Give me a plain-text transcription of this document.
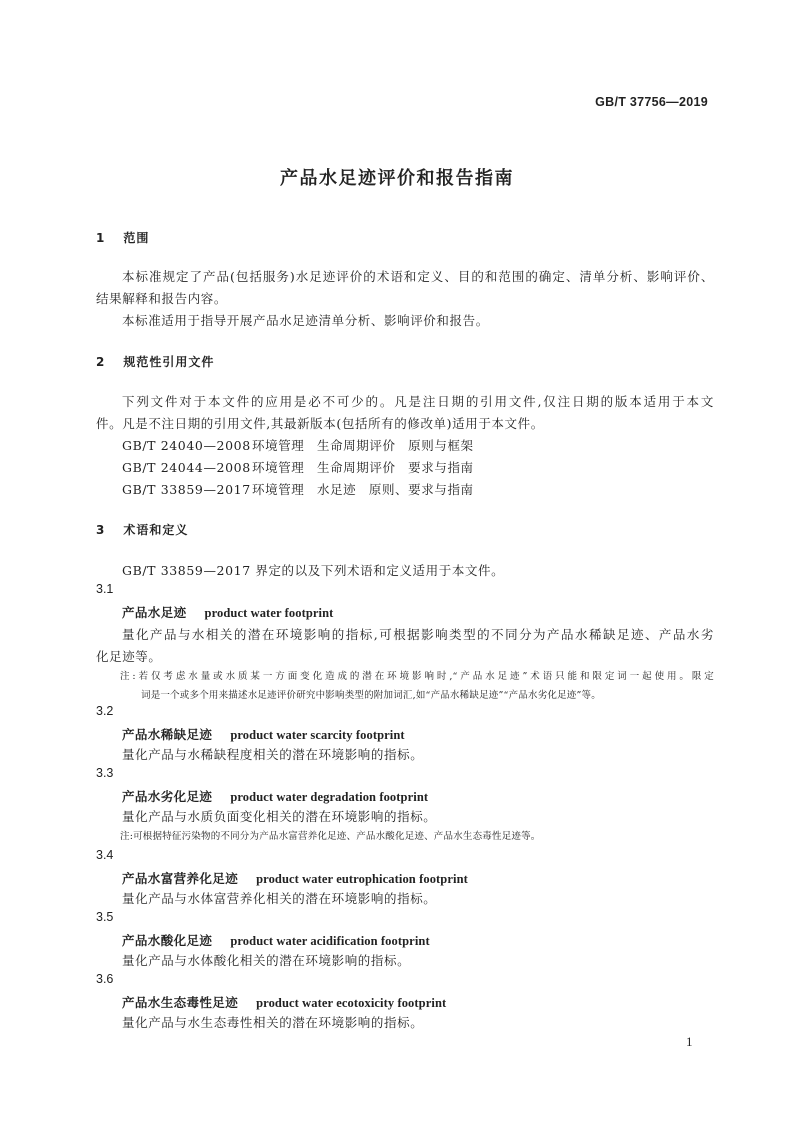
GB/T 37756—2019
产品水足迹评价和报告指南
1 范围
本标准规定了产品(包括服务)水足迹评价的术语和定义、目的和范围的确定、清单分析、影响评价、
结果解释和报告内容。
本标准适用于指导开展产品水足迹清单分析、影响评价和报告。
2 规范性引用文件
下列文件对于本文件的应用是必不可少的。凡是注日期的引用文件,仅注日期的版本适用于本文
件。凡是不注日期的引用文件,其最新版本(包括所有的修改单)适用于本文件。
GB/T 24040—2008环境管理 生命周期评价 原则与框架
GB/T 24044—2008环境管理 生命周期评价 要求与指南
GB/T 33859—2017环境管理 水足迹 原则、要求与指南
3 术语和定义
GB/T 33859—2017 界定的以及下列术语和定义适用于本文件。
3.1
产品水足迹 product water footprint
量化产品与水相关的潜在环境影响的指标,可根据影响类型的不同分为产品水稀缺足迹、产品水劣
化足迹等。
注:若仅考虑水量或水质某一方面变化造成的潜在环境影响时,“产品水足迹”术语只能和限定词一起使用。限定
词是一个或多个用来描述水足迹评价研究中影响类型的附加词汇,如“产品水稀缺足迹”“产品水劣化足迹”等。
3.2
产品水稀缺足迹 product water scarcity footprint
量化产品与水稀缺程度相关的潜在环境影响的指标。
3.3
产品水劣化足迹 product water degradation footprint
量化产品与水质负面变化相关的潜在环境影响的指标。
注:可根据特征污染物的不同分为产品水富营养化足迹、产品水酸化足迹、产品水生态毒性足迹等。
3.4
产品水富营养化足迹 product water eutrophication footprint
量化产品与水体富营养化相关的潜在环境影响的指标。
3.5
产品水酸化足迹 product water acidification footprint
量化产品与水体酸化相关的潜在环境影响的指标。
3.6
产品水生态毒性足迹 product water ecotoxicity footprint
量化产品与水生态毒性相关的潜在环境影响的指标。
1
